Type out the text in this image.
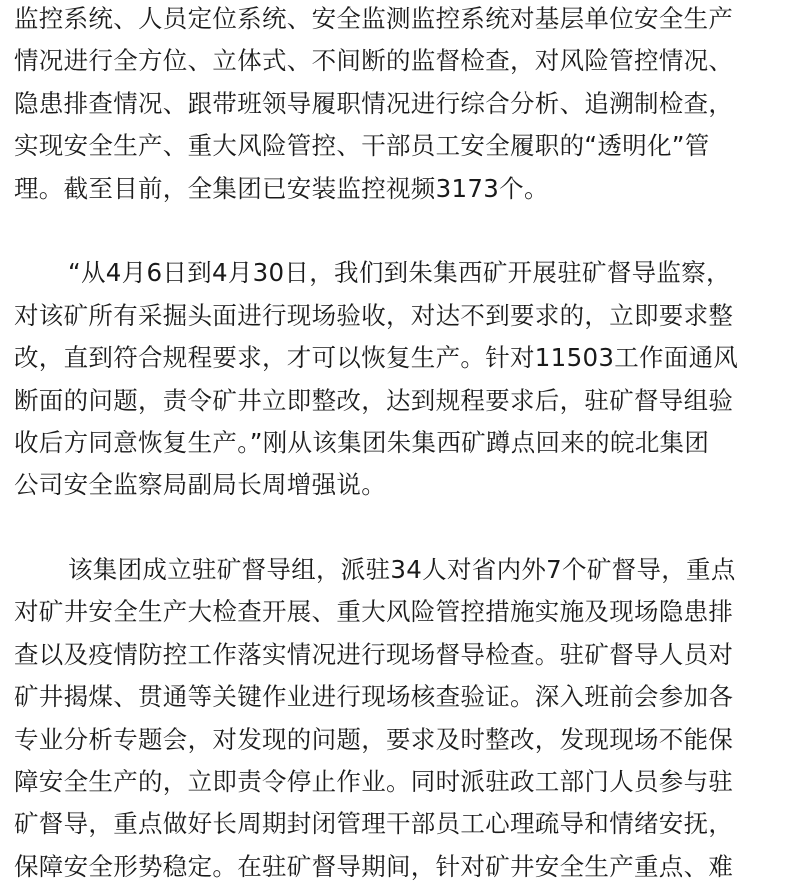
监控系统、人员定位系统、安全监测监控系统对基层单位安全生产
情况进行全方位、立体式、不间断的监督检查，对风险管控情况、
隐患排查情况、跟带班领导履职情况进行综合分析、追溯制检查，
实现安全生产、重大风险管控、干部员工安全履职的“透明化”管
理。截至目前，全集团已安装监控视频3173个。
“从4月6日到4月30日，我们到朱集西矿开展驻矿督导监察，
对该矿所有采掘头面进行现场验收，对达不到要求的，立即要求整
改，直到符合规程要求，才可以恢复生产。针对11503工作面通风
断面的问题，责令矿井立即整改，达到规程要求后，驻矿督导组验
收后方同意恢复生产。”刚从该集团朱集西矿蹲点回来的皖北集团
公司安全监察局副局长周增强说。
该集团成立驻矿督导组，派驻34人对省内外7个矿督导，重点
对矿井安全生产大检查开展、重大风险管控措施实施及现场隐患排
查以及疫情防控工作落实情况进行现场督导检查。驻矿督导人员对
矿井揭煤、贯通等关键作业进行现场核查验证。深入班前会参加各
专业分析专题会，对发现的问题，要求及时整改，发现现场不能保
障安全生产的，立即责令停止作业。同时派驻政工部门人员参与驻
矿督导，重点做好长周期封闭管理干部员工心理疏导和情绪安抚，
保障安全形势稳定。在驻矿督导期间，针对矿井安全生产重点、难
